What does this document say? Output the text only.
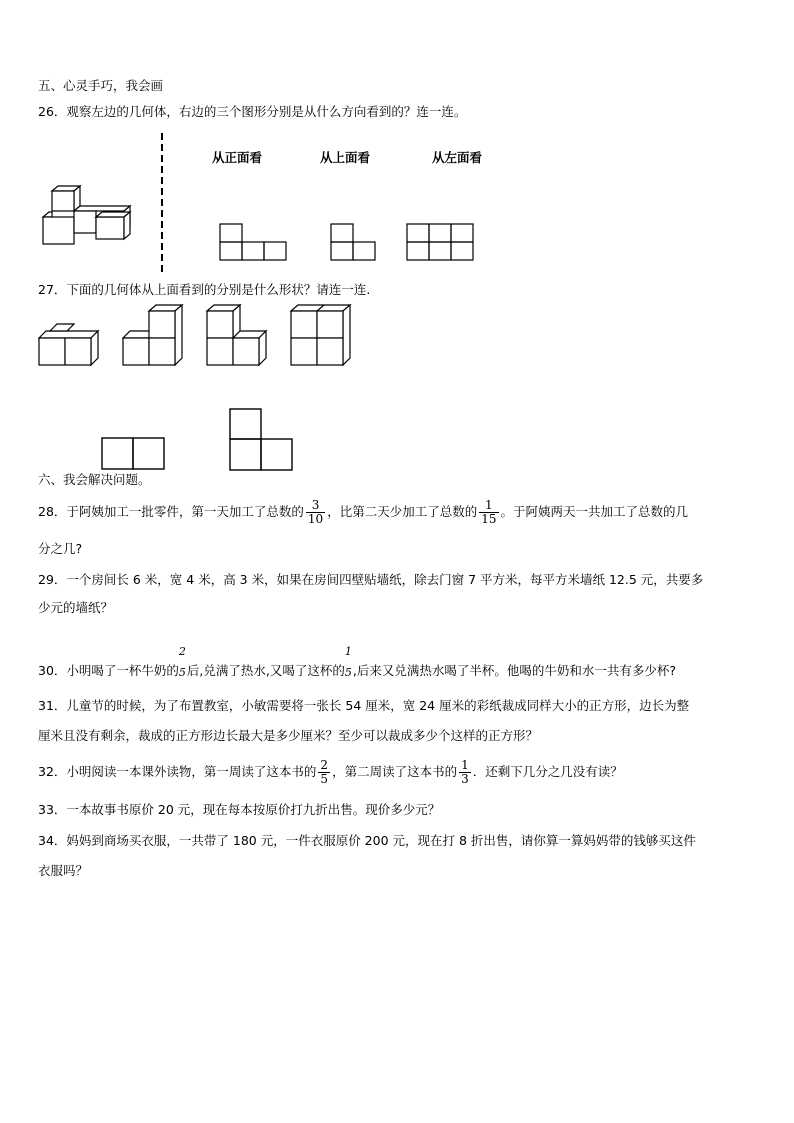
五、心灵手巧，我会画
26．观察左边的几何体，右边的三个图形分别是从什么方向看到的？连一连。
从正面看	从上面看	从左面看
27．下面的几何体从上面看到的分别是什么形状？请连一连.
六、我会解决问题。
28．于阿姨加工一批零件，第一天加工了总数的 $\frac{3}{10}$ ，比第二天少加工了总数的 $\frac{1}{15}$ 。于阿姨两天一共加工了总数的几
分之几?
29．一个房间长 6 米，宽 4 米，高 3 米，如果在房间四壁贴墙纸，除去门窗 7 平方米，每平方米墙纸 12.5 元，共要多
少元的墙纸？
30．小明喝了一杯牛奶的
2
5 后,兑满了热水,又喝了这杯的
1
5 ,后来又兑满热水喝了半杯。他喝的牛奶和水一共有多少杯?
31．儿童节的时候，为了布置教室，小敏需要将一张长 54 厘米，宽 24 厘米的彩纸裁成同样大小的正方形，边长为整
厘米且没有剩余，裁成的正方形边长最大是多少厘米？至少可以裁成多少个这样的正方形？
32．小明阅读一本课外读物，第一周读了这本书的 $\frac{2}{5}$ ，第二周读了这本书的 $\frac{1}{3}$ ．还剩下几分之几没有读？
33．一本故事书原价 20 元，现在每本按原价打九折出售。现价多少元？
34．妈妈到商场买衣服，一共带了 180 元，一件衣服原价 200 元，现在打 8 折出售，请你算一算妈妈带的钱够买这件
衣服吗？
